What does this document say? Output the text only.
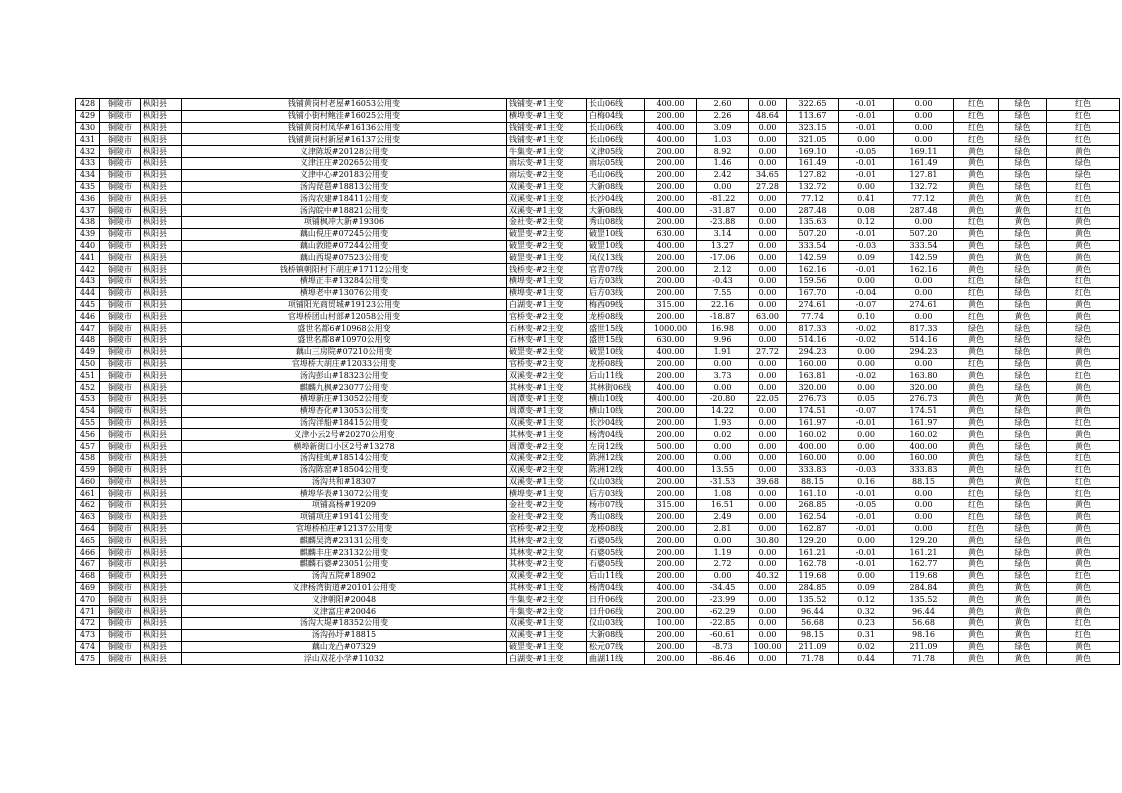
428	铜陵市	枞阳县	钱铺黄岗村老屋#16053公用变	钱铺变-#1主变	长山06线	400.00	2.60	0.00	322.65	-0.01	0.00	红色	绿色	红色
429	铜陵市	枞阳县	钱铺小街村鲍洼#16025公用变	横埠变-#1主变	白梅04线	200.00	2.26	48.64	113.67	-0.01	0.00	红色	绿色	红色
430	铜陵市	枞阳县	钱铺黄岗村凤华#16136公用变	钱铺变-#1主变	长山06线	400.00	3.09	0.00	323.15	-0.01	0.00	红色	绿色	红色
431	铜陵市	枞阳县	钱铺黄岗村新屋#16137公用变	钱铺变-#1主变	长山06线	400.00	1.03	0.00	321.05	0.00	0.00	红色	绿色	红色
432	铜陵市	枞阳县	义津陈坂#20128公用变	牛集变-#1主变	义津05线	200.00	8.92	0.00	169.10	-0.05	169.11	黄色	绿色	黄色
433	铜陵市	枞阳县	义津汪庄#20265公用变	雨坛变-#1主变	雨坛05线	200.00	1.46	0.00	161.49	-0.01	161.49	黄色	绿色	绿色
434	铜陵市	枞阳县	义津中心#20183公用变	雨坛变-#2主变	毛山06线	200.00	2.42	34.65	127.82	-0.01	127.81	黄色	绿色	绿色
435	铜陵市	枞阳县	汤沟琵琶#18813公用变	双溪变-#1主变	大新08线	200.00	0.00	27.28	132.72	0.00	132.72	黄色	绿色	红色
436	铜陵市	枞阳县	汤沟农建#18411公用变	双溪变-#1主变	长沙04线	200.00	-81.22	0.00	77.12	0.41	77.12	黄色	黄色	红色
437	铜陵市	枞阳县	汤沟皖中#18821公用变	双溪变-#1主变	大新08线	400.00	-31.87	0.00	287.48	0.08	287.48	黄色	黄色	红色
438	铜陵市	枞阳县	项铺枫冲大新#19306	金社变-#2主变	秀山08线	200.00	-23.88	0.00	135.63	0.12	0.00	红色	黄色	黄色
439	铜陵市	枞阳县	藕山倪庄#07245公用变	破罡变-#2主变	破罡10线	630.00	3.14	0.00	507.20	-0.01	507.20	黄色	绿色	黄色
440	铜陵市	枞阳县	藕山敦睦#07244公用变	破罡变-#2主变	破罡10线	400.00	13.27	0.00	333.54	-0.03	333.54	黄色	绿色	黄色
441	铜陵市	枞阳县	藕山西堤#07523公用变	破罡变-#1主变	凤仪13线	200.00	-17.06	0.00	142.59	0.09	142.59	黄色	黄色	黄色
442	铜陵市	枞阳县	钱桥镇朝阳村下胡庄#17112公用变	钱桥变-#2主变	官青07线	200.00	2.12	0.00	162.16	-0.01	162.16	黄色	绿色	黄色
443	铜陵市	枞阳县	横埠正丰#13284公用变	横埠变-#1主变	后方03线	200.00	-0.43	0.00	159.56	0.00	0.00	红色	绿色	红色
444	铜陵市	枞阳县	横埠老中#13076公用变	横埠变-#1主变	后方03线	200.00	7.55	0.00	167.70	-0.04	0.00	红色	绿色	红色
445	铜陵市	枞阳县	项铺阳光商贸城#19123公用变	白湖变-#1主变	梅西09线	315.00	22.16	0.00	274.61	-0.07	274.61	黄色	绿色	黄色
446	铜陵市	枞阳县	官埠桥团山村部#12058公用变	官桥变-#2主变	龙桥08线	200.00	-18.87	63.00	77.74	0.10	0.00	红色	黄色	黄色
447	铜陵市	枞阳县	盛世名都6#10968公用变	石林变-#2主变	盛世15线	1000.00	16.98	0.00	817.33	-0.02	817.33	绿色	绿色	绿色
448	铜陵市	枞阳县	盛世名都8#10970公用变	石林变-#1主变	盛世15线	630.00	9.96	0.00	514.16	-0.02	514.16	黄色	绿色	绿色
449	铜陵市	枞阳县	藕山三房院#07210公用变	破罡变-#2主变	破罡10线	400.00	1.91	27.72	294.23	0.00	294.23	黄色	绿色	黄色
450	铜陵市	枞阳县	官埠桥大胡庄#12033公用变	官桥变-#2主变	龙桥08线	200.00	0.00	0.00	160.00	0.00	0.00	红色	绿色	黄色
451	铜陵市	枞阳县	汤沟彭山#18323公用变	双溪变-#2主变	后山11线	200.00	3.73	0.00	163.81	-0.02	163.80	黄色	绿色	红色
452	铜陵市	枞阳县	麒麟九枫#23077公用变	其林变-#1主变	其林街06线	400.00	0.00	0.00	320.00	0.00	320.00	黄色	绿色	黄色
453	铜陵市	枞阳县	横埠新庄#13052公用变	周潭变-#1主变	横山10线	400.00	-20.80	22.05	276.73	0.05	276.73	黄色	黄色	黄色
454	铜陵市	枞阳县	横埠杏化#13053公用变	周潭变-#1主变	横山10线	200.00	14.22	0.00	174.51	-0.07	174.51	黄色	绿色	黄色
455	铜陵市	枞阳县	汤沟洋船#18415公用变	双溪变-#1主变	长沙04线	200.00	1.93	0.00	161.97	-0.01	161.97	黄色	绿色	红色
456	铜陵市	枞阳县	义津小云2号#20270公用变	其林变-#1主变	杨湾04线	200.00	0.02	0.00	160.02	0.00	160.02	黄色	绿色	黄色
457	铜陵市	枞阳县	横埠新街口小区2号#13278	周潭变-#2主变	左岗12线	500.00	0.00	0.00	400.00	0.00	400.00	黄色	绿色	黄色
458	铜陵市	枞阳县	汤沟桂虬#18514公用变	双溪变-#2主变	陈洲12线	200.00	0.00	0.00	160.00	0.00	160.00	黄色	绿色	红色
459	铜陵市	枞阳县	汤沟陈窑#18504公用变	双溪变-#2主变	陈洲12线	400.00	13.55	0.00	333.83	-0.03	333.83	黄色	绿色	红色
460	铜陵市	枞阳县	汤沟共和#18307	双溪变-#1主变	仪山03线	200.00	-31.53	39.68	88.15	0.16	88.15	黄色	黄色	红色
461	铜陵市	枞阳县	横埠华表#13072公用变	横埠变-#1主变	后方03线	200.00	1.08	0.00	161.10	-0.01	0.00	红色	绿色	红色
462	铜陵市	枞阳县	项铺高杨#19209	金社变-#2主变	杨市07线	315.00	16.51	0.00	268.85	-0.05	0.00	红色	绿色	黄色
463	铜陵市	枞阳县	项铺项庄#19141公用变	金社变-#2主变	秀山08线	200.00	2.49	0.00	162.54	-0.01	0.00	红色	绿色	黄色
464	铜陵市	枞阳县	官埠桥柏庄#12137公用变	官桥变-#2主变	龙桥08线	200.00	2.81	0.00	162.87	-0.01	0.00	红色	绿色	黄色
465	铜陵市	枞阳县	麒麟吴湾#23131公用变	其林变-#2主变	石婆05线	200.00	0.00	30.80	129.20	0.00	129.20	黄色	绿色	黄色
466	铜陵市	枞阳县	麒麟丰庄#23132公用变	其林变-#2主变	石婆05线	200.00	1.19	0.00	161.21	-0.01	161.21	黄色	绿色	黄色
467	铜陵市	枞阳县	麒麟石婆#23051公用变	其林变-#2主变	石婆05线	200.00	2.72	0.00	162.78	-0.01	162.77	黄色	绿色	黄色
468	铜陵市	枞阳县	汤沟五院#18902	双溪变-#2主变	后山11线	200.00	0.00	40.32	119.68	0.00	119.68	黄色	绿色	红色
469	铜陵市	枞阳县	义津杨湾街道#20101公用变	其林变-#1主变	杨湾04线	400.00	-34.45	0.00	284.85	0.09	284.84	黄色	黄色	黄色
470	铜陵市	枞阳县	义津朝阳#20048	牛集变-#2主变	日升06线	200.00	-23.99	0.00	135.52	0.12	135.52	黄色	黄色	黄色
471	铜陵市	枞阳县	义津富庄#20046	牛集变-#2主变	日升06线	200.00	-62.29	0.00	96.44	0.32	96.44	黄色	黄色	黄色
472	铜陵市	枞阳县	汤沟大堤#18352公用变	双溪变-#1主变	仪山03线	100.00	-22.85	0.00	56.68	0.23	56.68	黄色	黄色	红色
473	铜陵市	枞阳县	汤沟孙圩#18815	双溪变-#1主变	大新08线	200.00	-60.61	0.00	98.15	0.31	98.16	黄色	黄色	红色
474	铜陵市	枞阳县	藕山龙凸#07329	破罡变-#1主变	松元07线	200.00	-8.73	100.00	211.09	0.02	211.09	黄色	绿色	黄色
475	铜陵市	枞阳县	浮山双花小学#11032	白湖变-#1主变	曲湖11线	200.00	-86.46	0.00	71.78	0.44	71.78	黄色	黄色	黄色
